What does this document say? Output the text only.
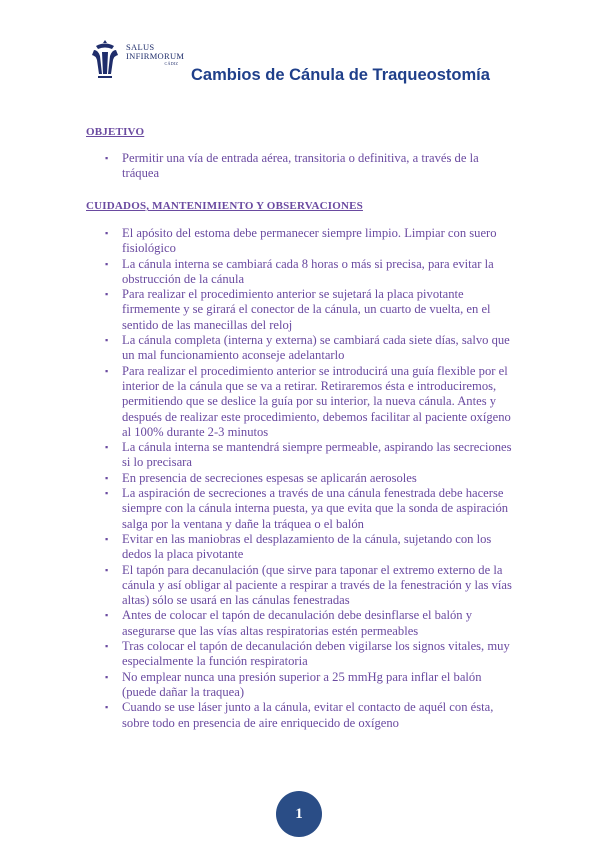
SALUS
INFIRMORUM
CÁDIZ
Cambios de Cánula de Traqueostomía

OBJETIVO

▪ Permitir una vía de entrada aérea, transitoria o definitiva, a través de la tráquea

CUIDADOS, MANTENIMIENTO Y OBSERVACIONES

▪ El apósito del estoma debe permanecer siempre limpio. Limpiar con suero fisiológico
▪ La cánula interna se cambiará cada 8 horas o más si precisa, para evitar la obstrucción de la cánula
▪ Para realizar el procedimiento anterior se sujetará la placa pivotante firmemente y se girará el conector de la cánula, un cuarto de vuelta, en el sentido de las manecillas del reloj
▪ La cánula completa (interna y externa) se cambiará cada siete días, salvo que un mal funcionamiento aconseje adelantarlo
▪ Para realizar el procedimiento anterior se introducirá una guía flexible por el interior de la cánula que se va a retirar. Retiraremos ésta e introduciremos, permitiendo que se deslice la guía por su interior, la nueva cánula. Antes y después de realizar este procedimiento, debemos facilitar al paciente oxígeno al 100% durante 2-3 minutos
▪ La cánula interna se mantendrá siempre permeable, aspirando las secreciones si lo precisara
▪ En presencia de secreciones espesas se aplicarán aerosoles
▪ La aspiración de secreciones a través de una cánula fenestrada debe hacerse siempre con la cánula interna puesta, ya que evita que la sonda de aspiración salga por la ventana y dañe la tráquea o el balón
▪ Evitar en las maniobras el desplazamiento de la cánula, sujetando con los dedos la placa pivotante
▪ El tapón para decanulación (que sirve para taponar el extremo externo de la cánula y así obligar al paciente a respirar a través de la fenestración y las vías altas) sólo se usará en las cánulas fenestradas
▪ Antes de colocar el tapón de decanulación debe desinflarse el balón y asegurarse que las vías altas respiratorias estén permeables
▪ Tras colocar el tapón de decanulación deben vigilarse los signos vitales, muy especialmente la función respiratoria
▪ No emplear nunca una presión superior a 25 mmHg para inflar el balón (puede dañar la traquea)
▪ Cuando se use láser junto a la cánula, evitar el contacto de aquél con ésta, sobre todo en presencia de aire enriquecido de oxígeno
1
